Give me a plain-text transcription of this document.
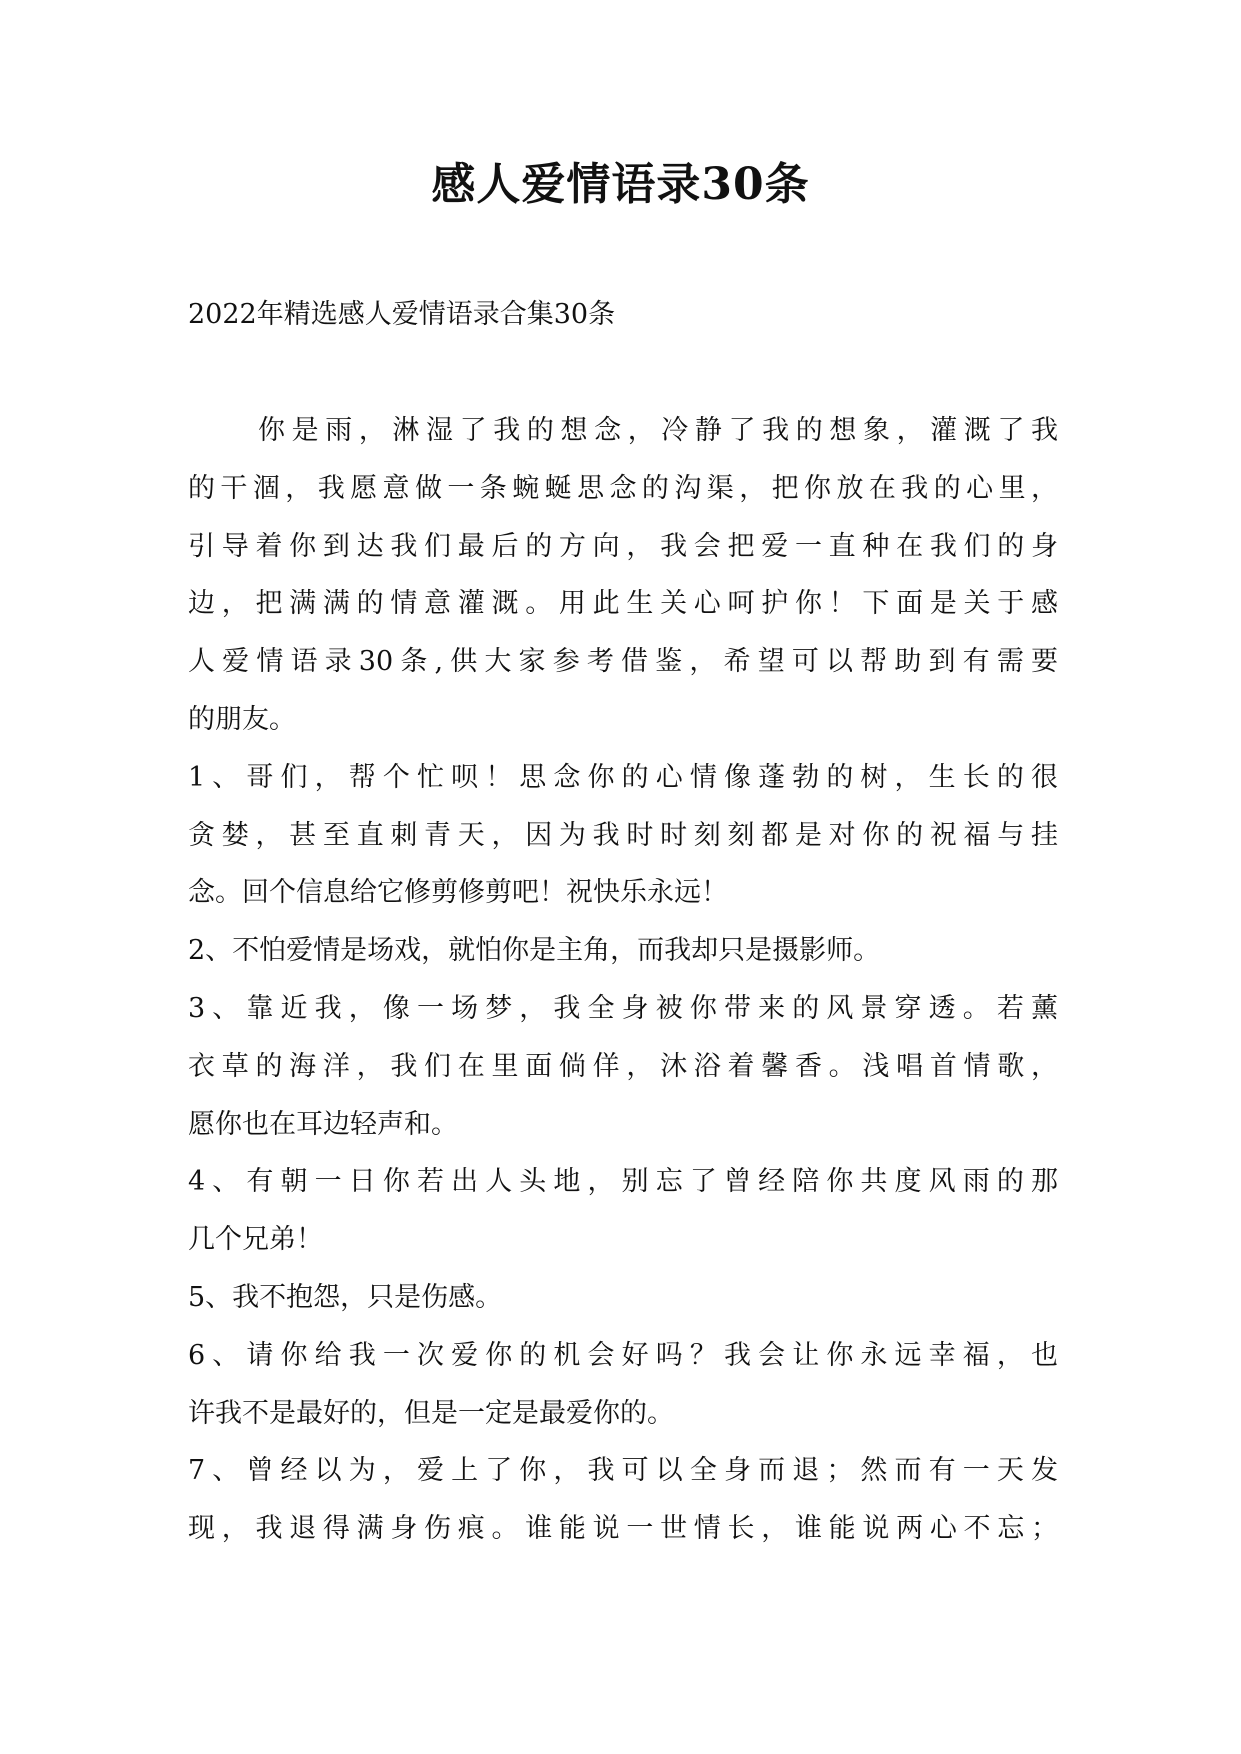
感人爱情语录30条
2022年精选感人爱情语录合集30条
你是雨，淋湿了我的想念，冷静了我的想象，灌溉了我
的干涸，我愿意做一条蜿蜒思念的沟渠，把你放在我的心里，
引导着你到达我们最后的方向，我会把爱一直种在我们的身
边，把满满的情意灌溉。用此生关心呵护你！下面是关于感
人爱情语录30条,供大家参考借鉴，希望可以帮助到有需要
的朋友。
1、哥们，帮个忙呗！思念你的心情像蓬勃的树，生长的很
贪婪，甚至直刺青天，因为我时时刻刻都是对你的祝福与挂
念。回个信息给它修剪修剪吧！祝快乐永远！
2、不怕爱情是场戏，就怕你是主角，而我却只是摄影师。
3、靠近我，像一场梦，我全身被你带来的风景穿透。若薰
衣草的海洋，我们在里面倘佯，沐浴着馨香。浅唱首情歌，
愿你也在耳边轻声和。
4、有朝一日你若出人头地，别忘了曾经陪你共度风雨的那
几个兄弟！
5、我不抱怨，只是伤感。
6、请你给我一次爱你的机会好吗？我会让你永远幸福，也
许我不是最好的，但是一定是最爱你的。
7、曾经以为，爱上了你，我可以全身而退；然而有一天发
现，我退得满身伤痕。谁能说一世情长，谁能说两心不忘；
